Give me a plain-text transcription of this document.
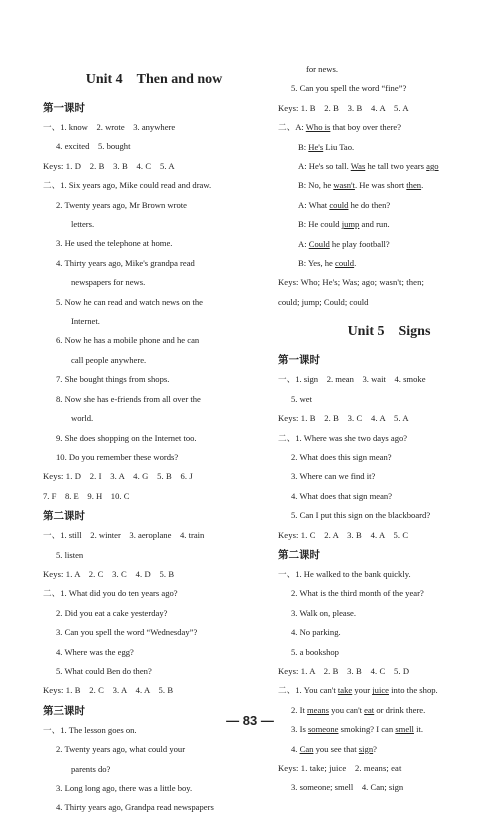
Unit 4　Then and now
第一课时
一、1. know　2. wrote　3. anywhere
4. excited　5. bought
Keys: 1. D　2. B　3. B　4. C　5. A
二、1. Six years ago, Mike could read and draw.
2. Twenty years ago, Mr Brown wrote
letters.
3. He used the telephone at home.
4. Thirty years ago, Mike's grandpa read
newspapers for news.
5. Now he can read and watch news on the
Internet.
6. Now he has a mobile phone and he can
call people anywhere.
7. She bought things from shops.
8. Now she has e-friends from all over the
world.
9. She does shopping on the Internet too.
10. Do you remember these words?
Keys: 1. D　2. I　3. A　4. G　5. B　6. J
7. F　8. E　9. H　10. C
第二课时
一、1. still　2. winter　3. aeroplane　4. train
5. listen
Keys: 1. A　2. C　3. C　4. D　5. B
二、1. What did you do ten years ago?
2. Did you eat a cake yesterday?
3. Can you spell the word “Wednesday”?
4. Where was the egg?
5. What could Ben do then?
Keys: 1. B　2. C　3. A　4. A　5. B
第三课时
一、1. The lesson goes on.
2. Twenty years ago, what could your
parents do?
3. Long long ago, there was a little boy.
4. Thirty years ago, Grandpa read newspapers
for news.
5. Can you spell the word “fine”?
Keys: 1. B　2. B　3. B　4. A　5. A
二、A: Who is that boy over there?
B: He's Liu Tao.
A: He's so tall. Was he tall two years ago
B: No, he wasn't. He was short then.
A: What could he do then?
B: He could jump and run.
A: Could he play football?
B: Yes, he could.
Keys: Who; He's; Was; ago; wasn't; then;
could; jump; Could; could
Unit 5　Signs
第一课时
一、1. sign　2. mean　3. wait　4. smoke
5. wet
Keys: 1. B　2. B　3. C　4. A　5. A
二、1. Where was she two days ago?
2. What does this sign mean?
3. Where can we find it?
4. What does that sign mean?
5. Can I put this sign on the blackboard?
Keys: 1. C　2. A　3. B　4. A　5. C
第二课时
一、1. He walked to the bank quickly.
2. What is the third month of the year?
3. Walk on, please.
4. No parking.
5. a bookshop
Keys: 1. A　2. B　3. B　4. C　5. D
二、1. You can't take your juice into the shop.
2. It means you can't eat or drink there.
3. Is someone smoking? I can smell it.
4. Can you see that sign?
Keys: 1. take; juice　2. means; eat
3. someone; smell　4. Can; sign
— 83 —
